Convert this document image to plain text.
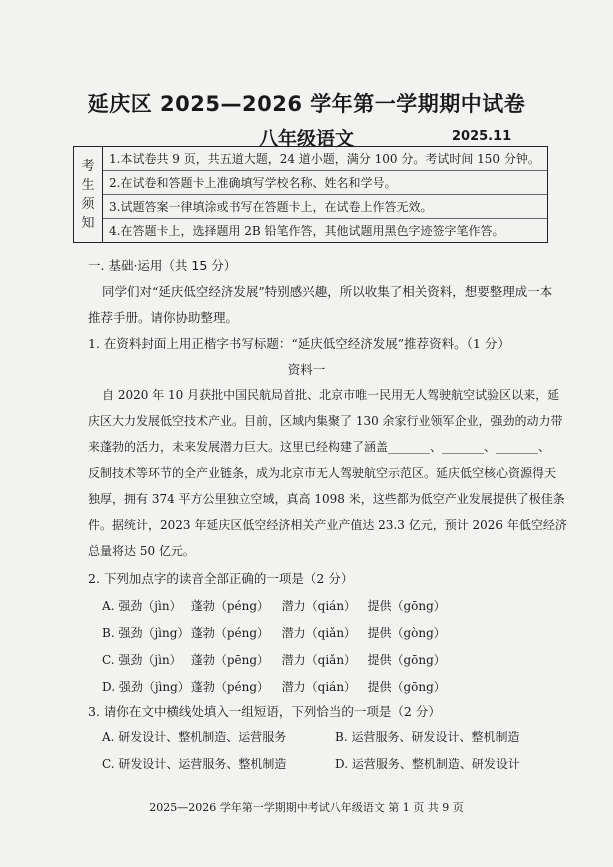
延庆区 2025—2026 学年第一学期期中试卷
八年级语文	2025.11
考
生
须
知
1.本试卷共 9 页，共五道大题，24 道小题，满分 100 分。考试时间 150 分钟。
2.在试卷和答题卡上准确填写学校名称、姓名和学号。
3.试题答案一律填涂或书写在答题卡上，在试卷上作答无效。
4.在答题卡上，选择题用 2B 铅笔作答，其他试题用黑色字迹签字笔作答。
一. 基础·运用（共 15 分）
同学们对“延庆低空经济发展”特别感兴趣，所以收集了相关资料，想要整理成一本
推荐手册。请你协助整理。
1. 在资料封面上用正楷字书写标题：“延庆低空经济发展”推荐资料。（1 分）
资料一
自 2020 年 10 月获批中国民航局首批、北京市唯一民用无人驾驶航空试验区以来，延
庆区大力发展低空技术产业。目前，区域内集聚了 130 余家行业领军企业，强劲的动力带
来蓬勃的活力，未来发展潜力巨大。这里已经构建了涵盖_______、_______、_______、
反制技术等环节的全产业链条，成为北京市无人驾驶航空示范区。延庆低空核心资源得天
独厚，拥有 374 平方公里独立空域，真高 1098 米，这些都为低空产业发展提供了极佳条
件。据统计，2023 年延庆区低空经济相关产业产值达 23.3 亿元，预计 2026 年低空经济
总量将达 50 亿元。
2. 下列加点字的读音全部正确的一项是（2 分）
A. 强劲（jìn） 蓬勃（péng） 潜力（qián） 提供（gōng）
B. 强劲（jìng） 蓬勃（péng） 潜力（qiǎn） 提供（gòng）
C. 强劲（jìn） 蓬勃（pēng） 潜力（qiǎn） 提供（gōng）
D. 强劲（jìng） 蓬勃（péng） 潜力（qián） 提供（gōng）
3. 请你在文中横线处填入一组短语，下列恰当的一项是（2 分）
A. 研发设计、整机制造、运营服务	B. 运营服务、研发设计、整机制造
C. 研发设计、运营服务、整机制造	D. 运营服务、整机制造、研发设计
2025—2026 学年第一学期期中考试八年级语文 第 1 页 共 9 页
